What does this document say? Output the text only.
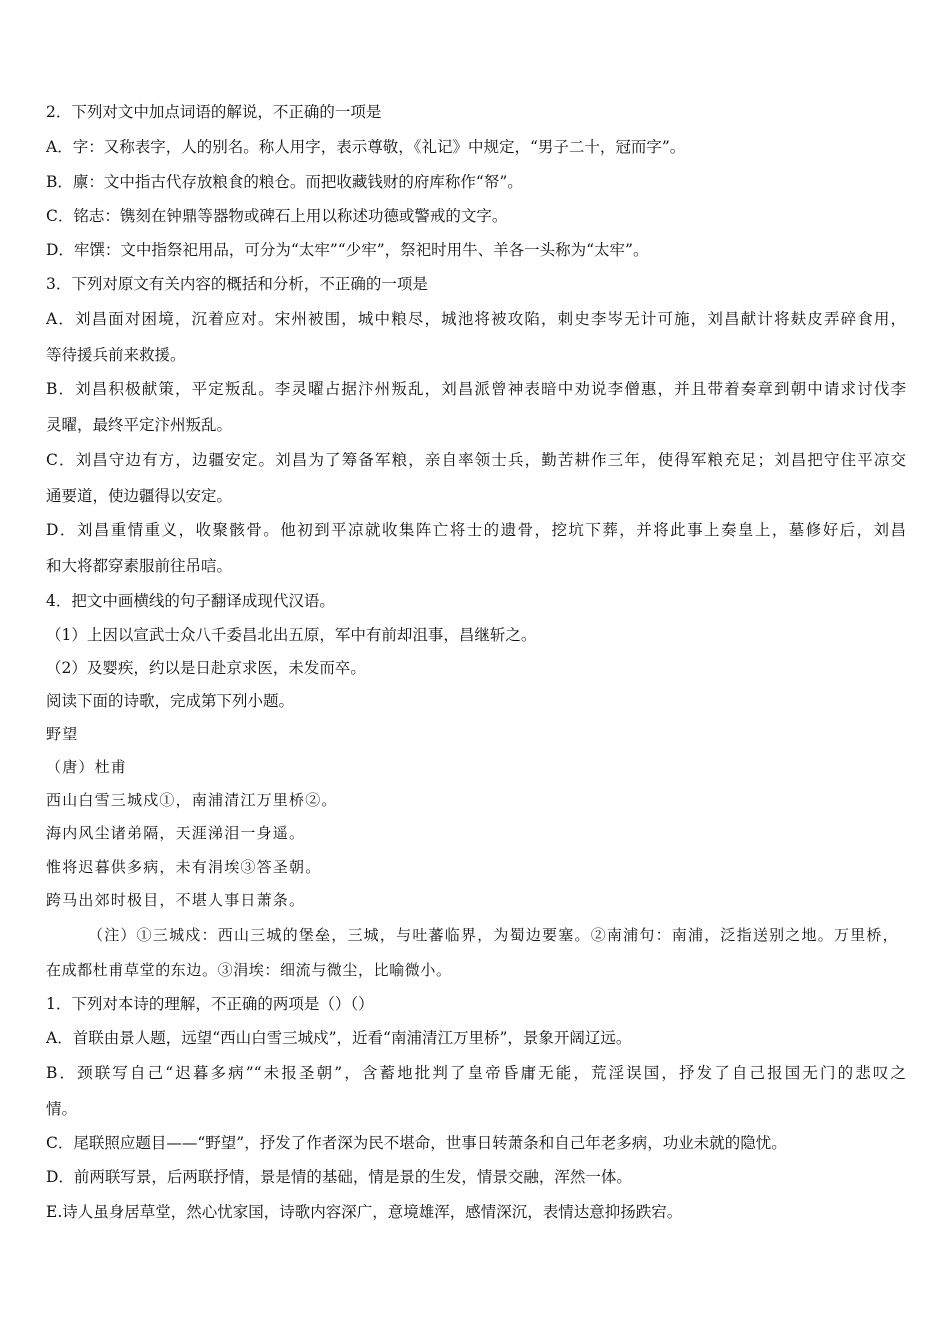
2．下列对文中加点词语的解说，不正确的一项是

A．字：又称表字，人的别名。称人用字，表示尊敬，《礼记》中规定，“男子二十，冠而字”。

B．廪：文中指古代存放粮食的粮仓。而把收藏钱财的府库称作“帑”。

C．铭志：镌刻在钟鼎等器物或碑石上用以称述功德或警戒的文字。

D．牢馔：文中指祭祀用品，可分为“太牢”“少牢”，祭祀时用牛、羊各一头称为“太牢”。

3．下列对原文有关内容的概括和分析，不正确的一项是

A．刘昌面对困境，沉着应对。宋州被围，城中粮尽，城池将被攻陷，刺史李岑无计可施，刘昌献计将麸皮弄碎食用，

等待援兵前来救援。

B．刘昌积极献策，平定叛乱。李灵曜占据汴州叛乱，刘昌派曾神表暗中劝说李僧惠，并且带着奏章到朝中请求讨伐李

灵曜，最终平定汴州叛乱。

C．刘昌守边有方，边疆安定。刘昌为了筹备军粮，亲自率领士兵，勤苦耕作三年，使得军粮充足；刘昌把守住平凉交

通要道，使边疆得以安定。

D．刘昌重情重义，收聚骸骨。他初到平凉就收集阵亡将士的遗骨，挖坑下葬，并将此事上奏皇上，墓修好后，刘昌

和大将都穿素服前往吊唁。

4．把文中画横线的句子翻译成现代汉语。

（1）上因以宣武士众八千委昌北出五原，军中有前却沮事，昌继斩之。

（2）及婴疾，约以是日赴京求医，未发而卒。

阅读下面的诗歌，完成第下列小题。

野望

（唐）杜甫

西山白雪三城戍①，南浦清江万里桥②。

海内风尘诸弟隔，天涯涕泪一身遥。

惟将迟暮供多病，未有涓埃③答圣朝。

跨马出郊时极目，不堪人事日萧条。

（注）①三城戍：西山三城的堡垒，三城，与吐蕃临界，为蜀边要塞。②南浦句：南浦，泛指送别之地。万里桥，

在成都杜甫草堂的东边。③涓埃：细流与微尘，比喻微小。

1．下列对本诗的理解，不正确的两项是（）（）

A．首联由景人题，远望“西山白雪三城戍”，近看“南浦清江万里桥”，景象开阔辽远。

B．颈联写自己“迟暮多病”“未报圣朝”，含蓄地批判了皇帝昏庸无能，荒淫误国，抒发了自己报国无门的悲叹之

情。

C．尾联照应题目——“野望”，抒发了作者深为民不堪命，世事日转萧条和自己年老多病，功业未就的隐忧。

D．前两联写景，后两联抒情，景是情的基础，情是景的生发，情景交融，浑然一体。

E.诗人虽身居草堂，然心忧家国，诗歌内容深广，意境雄浑，感情深沉，表情达意抑扬跌宕。
